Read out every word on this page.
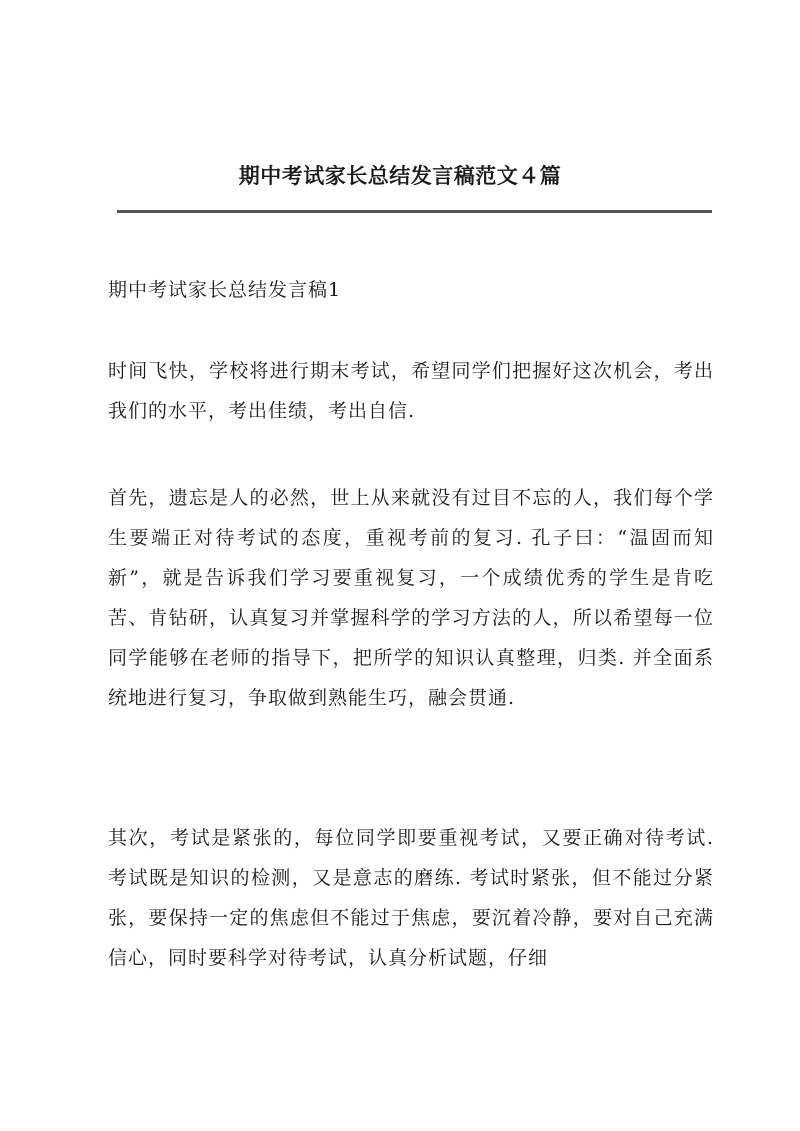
期中考试家长总结发言稿范文４篇
期中考试家长总结发言稿1

时间飞快，学校将进行期末考试，希望同学们把握好这次机会，考出我们的水平，考出佳绩，考出自信.

首先，遗忘是人的必然，世上从来就没有过目不忘的人，我们每个学生要端正对待考试的态度，重视考前的复习. 孔子曰：“温固而知新”，就是告诉我们学习要重视复习，一个成绩优秀的学生是肯吃苦、肯钻研，认真复习并掌握科学的学习方法的人，所以希望每一位同学能够在老师的指导下，把所学的知识认真整理，归类. 并全面系统地进行复习，争取做到熟能生巧，融会贯通.

其次，考试是紧张的，每位同学即要重视考试，又要正确对待考试. 考试既是知识的检测，又是意志的磨练. 考试时紧张，但不能过分紧张，要保持一定的焦虑但不能过于焦虑，要沉着冷静，要对自己充满信心，同时要科学对待考试，认真分析试题，仔细
